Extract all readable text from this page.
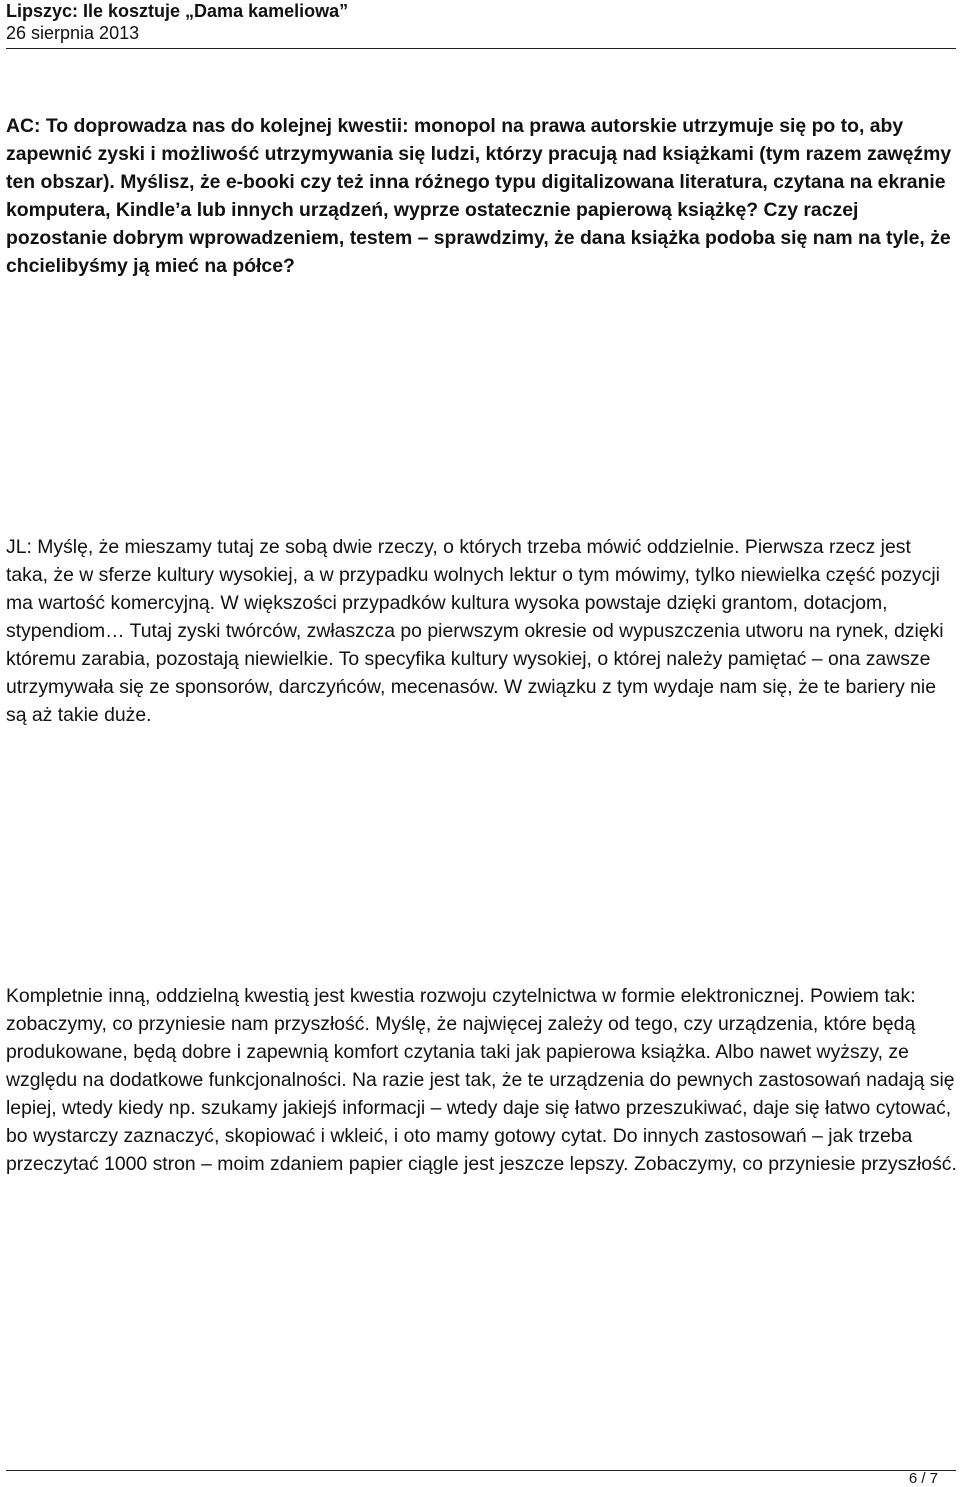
Lipszyc: Ile kosztuje „Dama kameliowa”
26 sierpnia 2013

AC: To doprowadza nas do kolejnej kwestii: monopol na prawa autorskie utrzymuje się po to, aby zapewnić zyski i możliwość utrzymywania się ludzi, którzy pracują nad książkami (tym razem zawęźmy ten obszar). Myślisz, że e-booki czy też inna różnego typu digitalizowana literatura, czytana na ekranie komputera, Kindle’a lub innych urządzeń, wyprze ostatecznie papierową książkę? Czy raczej pozostanie dobrym wprowadzeniem, testem – sprawdzimy, że dana książka podoba się nam na tyle, że chcielibyśmy ją mieć na półce?

JL: Myślę, że mieszamy tutaj ze sobą dwie rzeczy, o których trzeba mówić oddzielnie. Pierwsza rzecz jest taka, że w sferze kultury wysokiej, a w przypadku wolnych lektur o tym mówimy, tylko niewielka część pozycji ma wartość komercyjną. W większości przypadków kultura wysoka powstaje dzięki grantom, dotacjom, stypendiom… Tutaj zyski twórców, zwłaszcza po pierwszym okresie od wypuszczenia utworu na rynek, dzięki któremu zarabia, pozostają niewielkie. To specyfika kultury wysokiej, o której należy pamiętać – ona zawsze utrzymywała się ze sponsorów, darczyńców, mecenasów. W związku z tym wydaje nam się, że te bariery nie są aż takie duże.

Kompletnie inną, oddzielną kwestią jest kwestia rozwoju czytelnictwa w formie elektronicznej. Powiem tak: zobaczymy, co przyniesie nam przyszłość. Myślę, że najwięcej zależy od tego, czy urządzenia, które będą produkowane, będą dobre i zapewnią komfort czytania taki jak papierowa książka. Albo nawet wyższy, ze względu na dodatkowe funkcjonalności. Na razie jest tak, że te urządzenia do pewnych zastosowań nadają się lepiej, wtedy kiedy np. szukamy jakiejś informacji – wtedy daje się łatwo przeszukiwać, daje się łatwo cytować, bo wystarczy zaznaczyć, skopiować i wkleić, i oto mamy gotowy cytat. Do innych zastosowań – jak trzeba przeczytać 1000 stron – moim zdaniem papier ciągle jest jeszcze lepszy. Zobaczymy, co przyniesie przyszłość.

6 / 7
